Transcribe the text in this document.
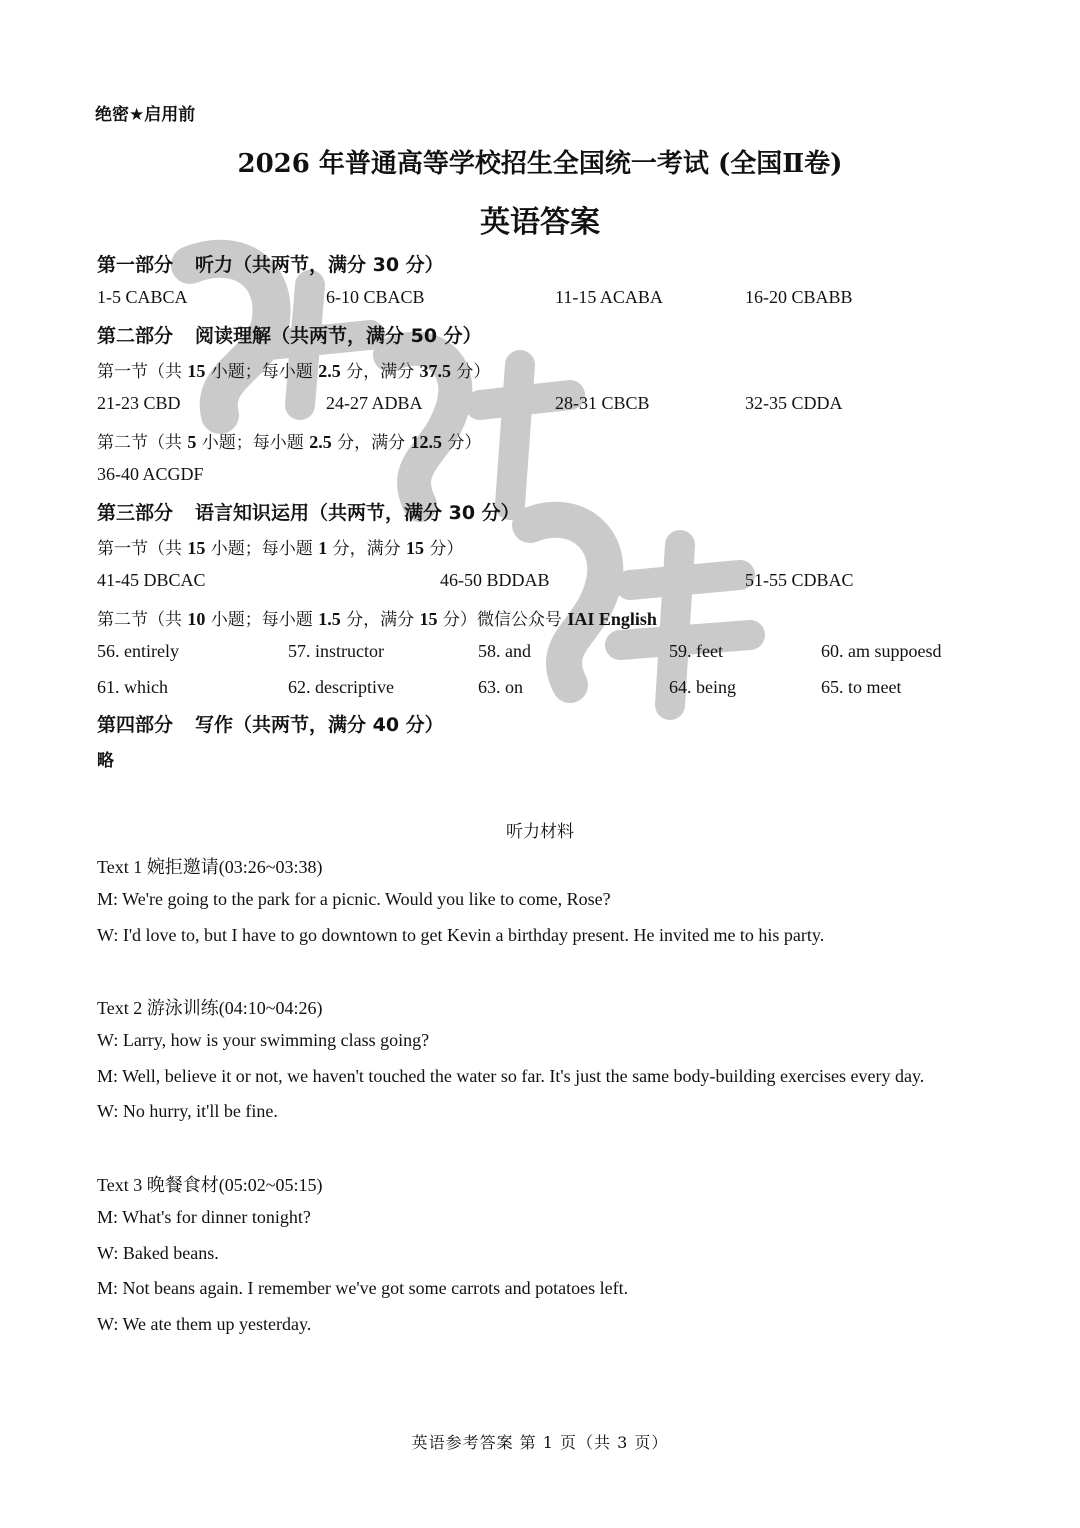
绝密★启用前
2026 年普通高等学校招生全国统一考试 (全国Ⅱ卷)
英语答案
第一部分 听力（共两节，满分 30 分）
1-5 CABCA	6-10 CBACB	11-15 ACABA	16-20 CBABB
第二部分 阅读理解（共两节，满分 50 分）
第一节（共 15 小题；每小题 2.5 分，满分 37.5 分）
21-23 CBD	24-27 ADBA	28-31 CBCB	32-35 CDDA
第二节（共 5 小题；每小题 2.5 分，满分 12.5 分）
36-40 ACGDF
第三部分 语言知识运用（共两节，满分 30 分）
第一节（共 15 小题；每小题 1 分，满分 15 分）
41-45 DBCAC	46-50 BDDAB	51-55 CDBAC
第二节（共 10 小题；每小题 1.5 分，满分 15 分）微信公众号 IAI English
56. entirely	57. instructor	58. and	59. feet	60. am suppoesd
61. which	62. descriptive	63. on	64. being	65. to meet
第四部分 写作（共两节，满分 40 分）
略
听力材料
Text 1 婉拒邀请(03:26~03:38)
M: We're going to the park for a picnic. Would you like to come, Rose?
W: I'd love to, but I have to go downtown to get Kevin a birthday present. He invited me to his party.
Text 2 游泳训练(04:10~04:26)
W: Larry, how is your swimming class going?
M: Well, believe it or not, we haven't touched the water so far. It's just the same body-building exercises every day.
W: No hurry, it'll be fine.
Text 3 晚餐食材(05:02~05:15)
M: What's for dinner tonight?
W: Baked beans.
M: Not beans again. I remember we've got some carrots and potatoes left.
W: We ate them up yesterday.
英语参考答案 第 1 页（共 3 页）
